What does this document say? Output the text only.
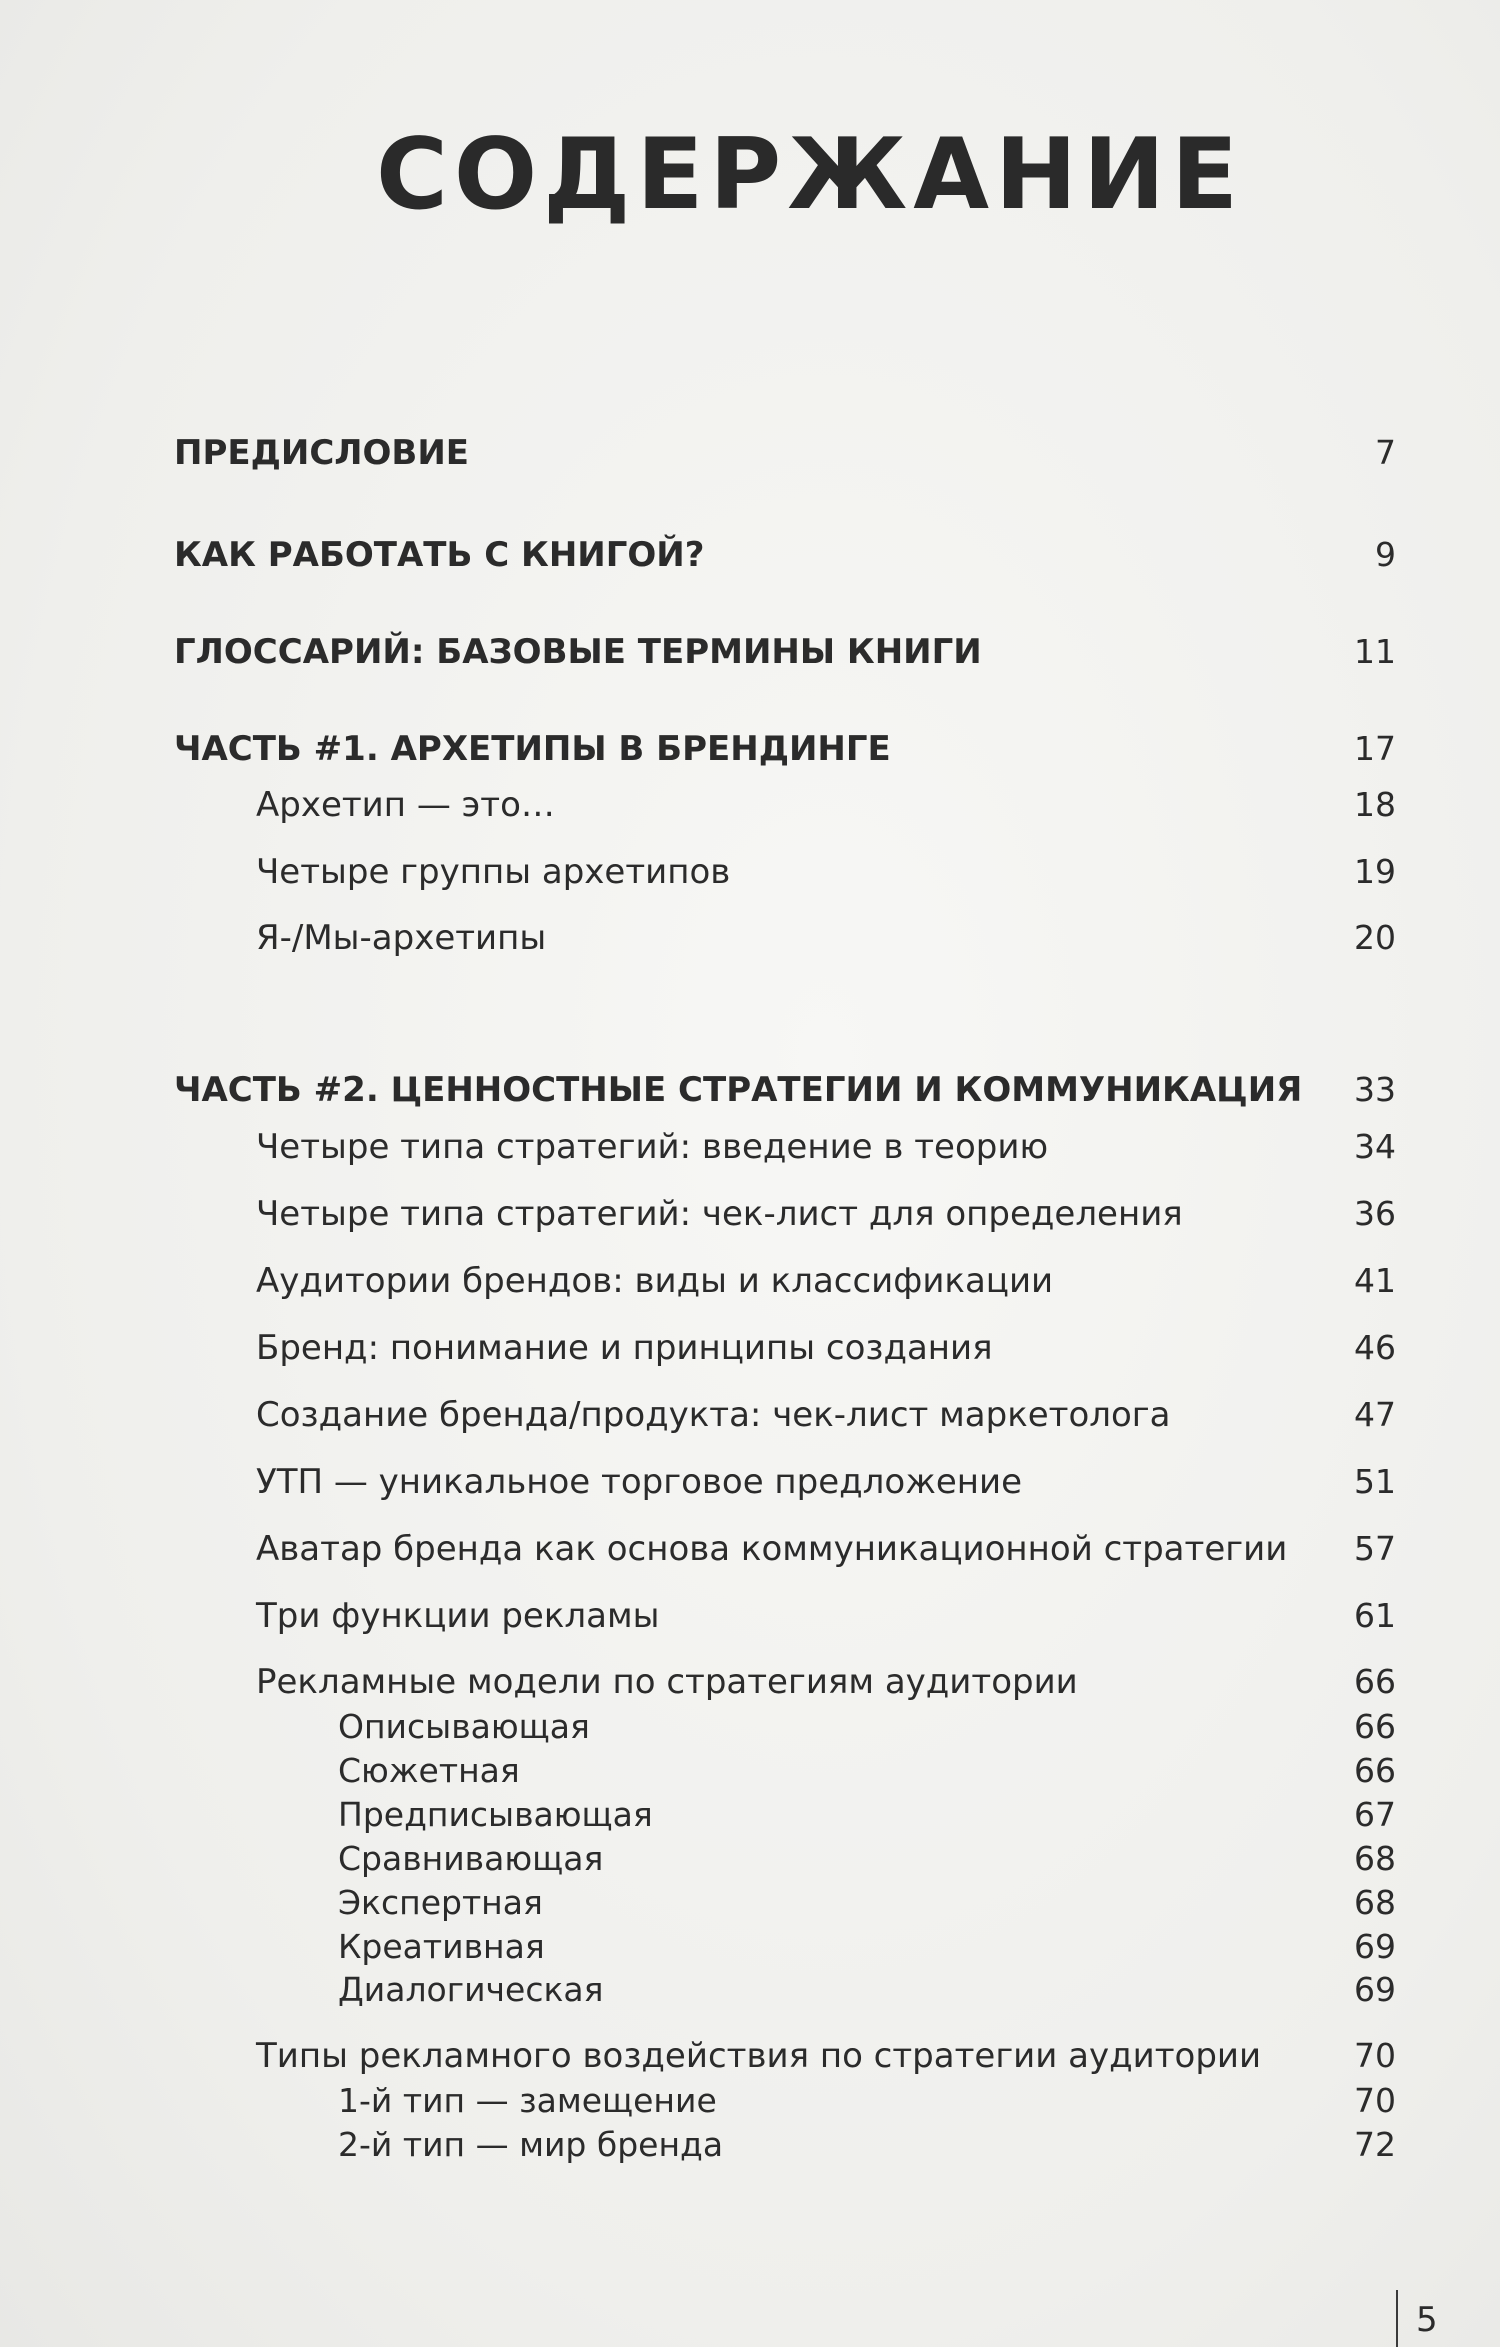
СОДЕРЖАНИЕ
ПРЕДИСЛОВИЕ	7
КАК РАБОТАТЬ С КНИГОЙ?	9
ГЛОССАРИЙ: БАЗОВЫЕ ТЕРМИНЫ КНИГИ	11
ЧАСТЬ #1. АРХЕТИПЫ В БРЕНДИНГЕ	17
Архетип — это…	18
Четыре группы архетипов	19
Я-/Мы-архетипы	20
ЧАСТЬ #2. ЦЕННОСТНЫЕ СТРАТЕГИИ И КОММУНИКАЦИЯ 33
Четыре типа стратегий: введение в теорию	34
Четыре типа стратегий: чек-лист для определения	36
Аудитории брендов: виды и классификации	41
Бренд: понимание и принципы создания	46
Создание бренда/продукта: чек-лист маркетолога	47
УТП — уникальное торговое предложение	51
Аватар бренда как основа коммуникационной стратегии 57
Три функции рекламы	61
Рекламные модели по стратегиям аудитории	66
Описывающая	66
Сюжетная	66
Предписывающая	67
Сравнивающая	68
Экспертная	68
Креативная	69
Диалогическая	69
Типы рекламного воздействия по стратегии аудитории	70
1-й тип — замещение	70
2-й тип — мир бренда	72
5
